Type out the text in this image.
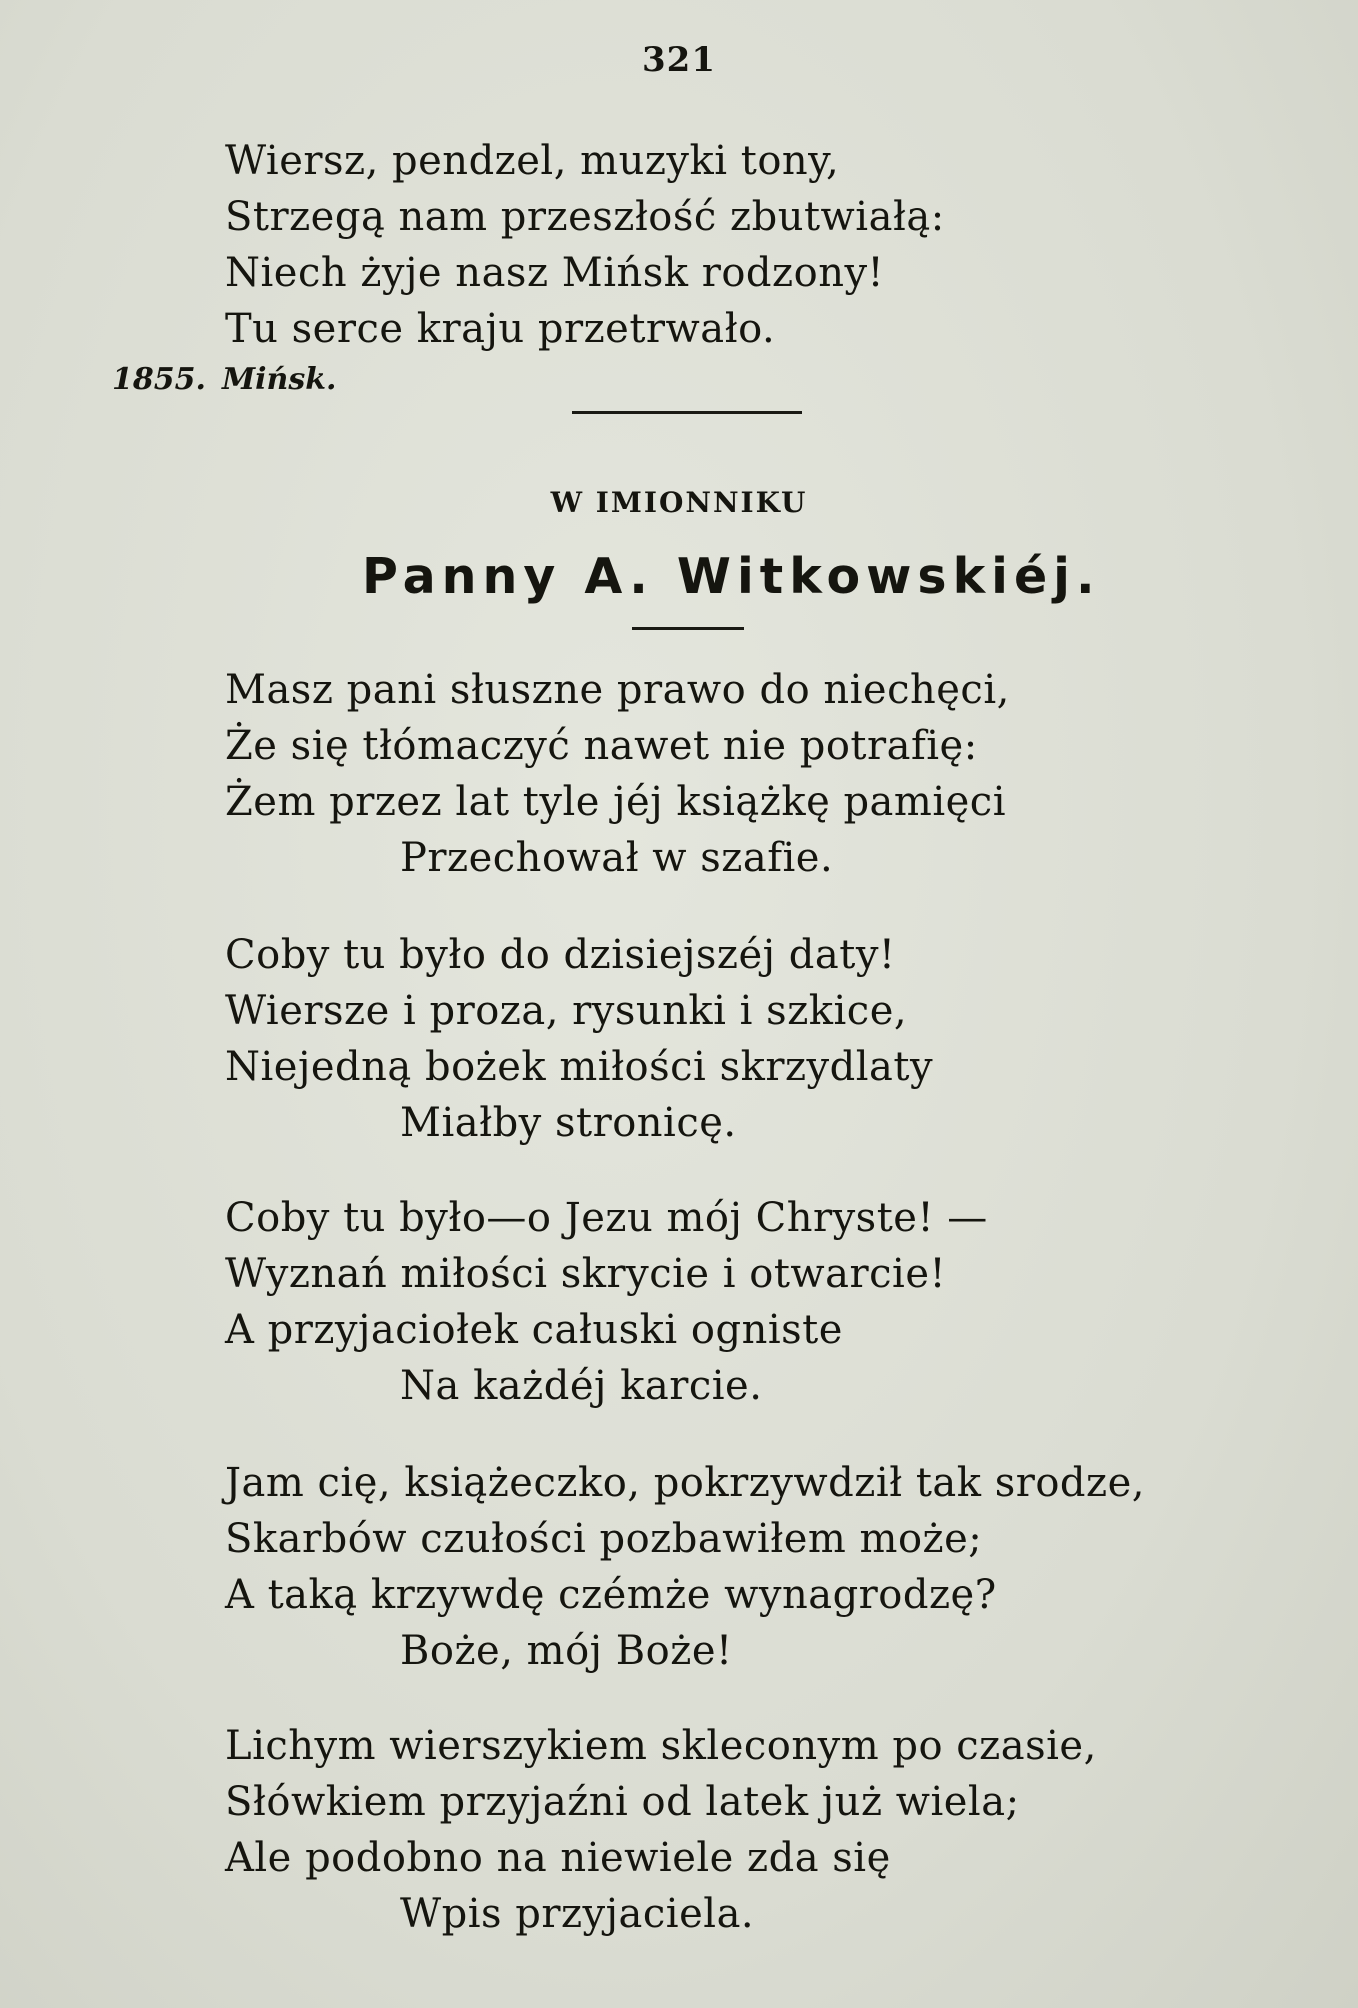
321
Wiersz, pendzel, muzyki tony,
Strzegą nam przeszłość zbutwiałą:
Niech żyje nasz Mińsk rodzony!
Tu serce kraju przetrwało.
1855. Mińsk.
W IMIONNIKU
Panny A. Witkowskiéj.
Masz pani słuszne prawo do niechęci,
Że się tłómaczyć nawet nie potrafię:
Żem przez lat tyle jéj książkę pamięci
Przechował w szafie.
Coby tu było do dzisiejszéj daty!
Wiersze i proza, rysunki i szkice,
Niejedną bożek miłości skrzydlaty
Miałby stronicę.
Coby tu było—o Jezu mój Chryste! —
Wyznań miłości skrycie i otwarcie!
A przyjaciołek całuski ogniste
Na każdéj karcie.
Jam cię, książeczko, pokrzywdził tak srodze,
Skarbów czułości pozbawiłem może;
A taką krzywdę czémże wynagrodzę?
Boże, mój Boże!
Lichym wierszykiem skleconym po czasie,
Słówkiem przyjaźni od latek już wiela;
Ale podobno na niewiele zda się
Wpis przyjaciela.
